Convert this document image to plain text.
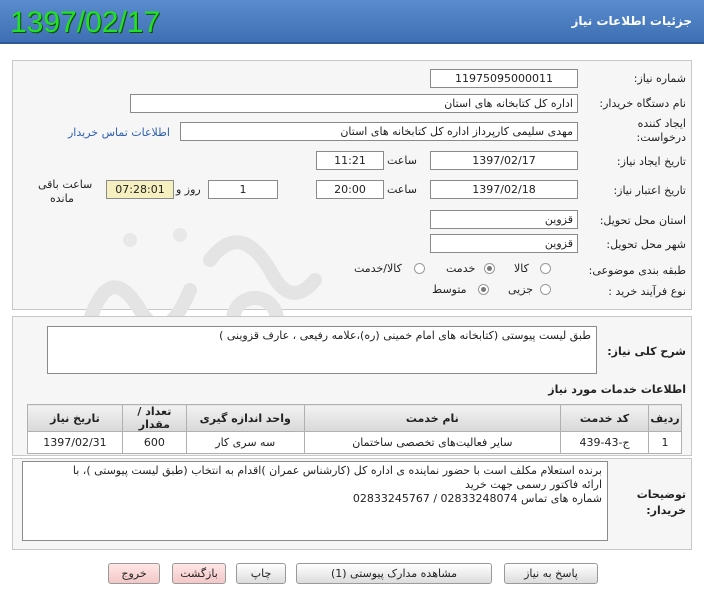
جزئیات اطلاعات نیاز
1397/02/17
شماره نیاز:
11975095000011
نام دستگاه خریدار:
اداره کل کتابخانه های استان
ایجاد کننده
درخواست:
مهدی سلیمی کارپرداز اداره کل کتابخانه های استان
اطلاعات تماس خریدار
تاریخ ایجاد نیاز:
1397/02/17
ساعت
11:21
تاریخ اعتبار نیاز:
1397/02/18
ساعت
20:00
1
روز و
07:28:01
ساعت باقی
مانده
استان محل تحویل:
قزوین
شهر محل تحویل:
قزوین
طبقه بندی موضوعی:
کالا
خدمت
کالا/خدمت
نوع فرآیند خرید :
جزیی
متوسط
شرح کلی نیاز:
طبق لیست پیوستی (کتابخانه های امام خمینی (ره)،علامه رفیعی ، عارف قزوینی )
اطلاعات خدمات مورد نیاز
تاریخ نیاز	تعداد / مقدار	واحد اندازه گیری	نام خدمت	کد خدمت	ردیف
1397/02/31	600	سه سری کار	سایر فعالیت‌های تخصصی ساختمان	ج-43-439	1
توضیحات
خریدار:
برنده استعلام مکلف است با حضور نماینده ی اداره کل (کارشناس عمران )اقدام به انتخاب (طبق لیست پیوستی )، با
ارائه فاکتور رسمی جهت خرید
شماره های تماس 02833248074 / 02833245767
پاسخ به نیاز
مشاهده مدارک پیوستی (1)
چاپ
بازگشت
خروج
